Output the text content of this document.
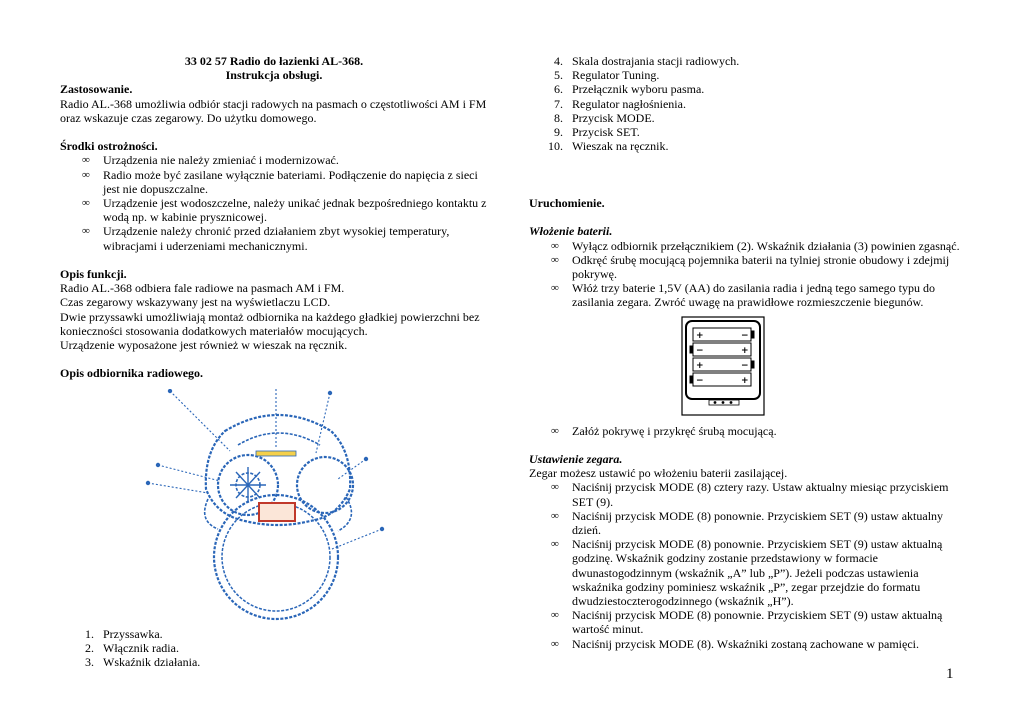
33 02 57 Radio do łazienki AL-368.

Instrukcja obsługi.

Zastosowanie.

Radio AL.-368 umożliwia odbiór stacji radowych na pasmach o częstotliwości AM i FM oraz wskazuje czas zegarowy. Do użytku domowego.

Środki ostrożności.

∞ Urządzenia nie należy zmieniać i modernizować.
∞ Radio może być zasilane wyłącznie bateriami. Podłączenie do napięcia z sieci jest nie dopuszczalne.
∞ Urządzenie jest wodoszczelne, należy unikać jednak bezpośredniego kontaktu z wodą np. w kabinie prysznicowej.
∞ Urządzenie należy chronić przed działaniem zbyt wysokiej temperatury, wibracjami i uderzeniami mechanicznymi.

Opis funkcji.

Radio AL.-368 odbiera fale radiowe na pasmach AM i FM.

Czas zegarowy wskazywany jest na wyświetlaczu LCD.

Dwie przyssawki umożliwiają montaż odbiornika na każdego gładkiej powierzchni bez konieczności stosowania dodatkowych materiałów mocujących.

Urządzenie wyposażone jest również w wieszak na ręcznik.

Opis odbiornika radiowego.

1. Przyssawka.
2. Włącznik radia.
3. Wskaźnik działania.
4. Skala dostrajania stacji radiowych.
5. Regulator Tuning.
6. Przełącznik wyboru pasma.
7. Regulator nagłośnienia.
8. Przycisk MODE.
9. Przycisk SET.
10. Wieszak na ręcznik.

Uruchomienie.

Włożenie baterii.

∞ Wyłącz odbiornik przełącznikiem (2). Wskaźnik działania (3) powinien zgasnąć.
∞ Odkręć śrubę mocującą pojemnika baterii na tylniej stronie obudowy i zdejmij pokrywę.
∞ Włóż trzy baterie 1,5V (AA) do zasilania radia i jedną tego samego typu do zasilania zegara. Zwróć uwagę na prawidłowe rozmieszczenie biegunów.
+	−
−	+
+	−
−	+
∞ Załóż pokrywę i przykręć śrubą mocującą.

Ustawienie zegara.

Zegar możesz ustawić po włożeniu baterii zasilającej.

∞ Naciśnij przycisk MODE (8) cztery razy. Ustaw aktualny miesiąc przyciskiem SET (9).
∞ Naciśnij przycisk MODE (8) ponownie. Przyciskiem SET (9) ustaw aktualny dzień.
∞ Naciśnij przycisk MODE (8) ponownie. Przyciskiem SET (9) ustaw aktualną godzinę. Wskaźnik godziny zostanie przedstawiony w formacie dwunastogodzinnym (wskaźnik „A” lub „P”). Jeżeli podczas ustawienia wskaźnika godziny pominiesz wskaźnik „P”, zegar przejdzie do formatu dwudziestoczterogodzinnego (wskaźnik „H”).
∞ Naciśnij przycisk MODE (8) ponownie. Przyciskiem SET (9) ustaw aktualną wartość minut.
∞ Naciśnij przycisk MODE (8). Wskaźniki zostaną zachowane w pamięci.
1
